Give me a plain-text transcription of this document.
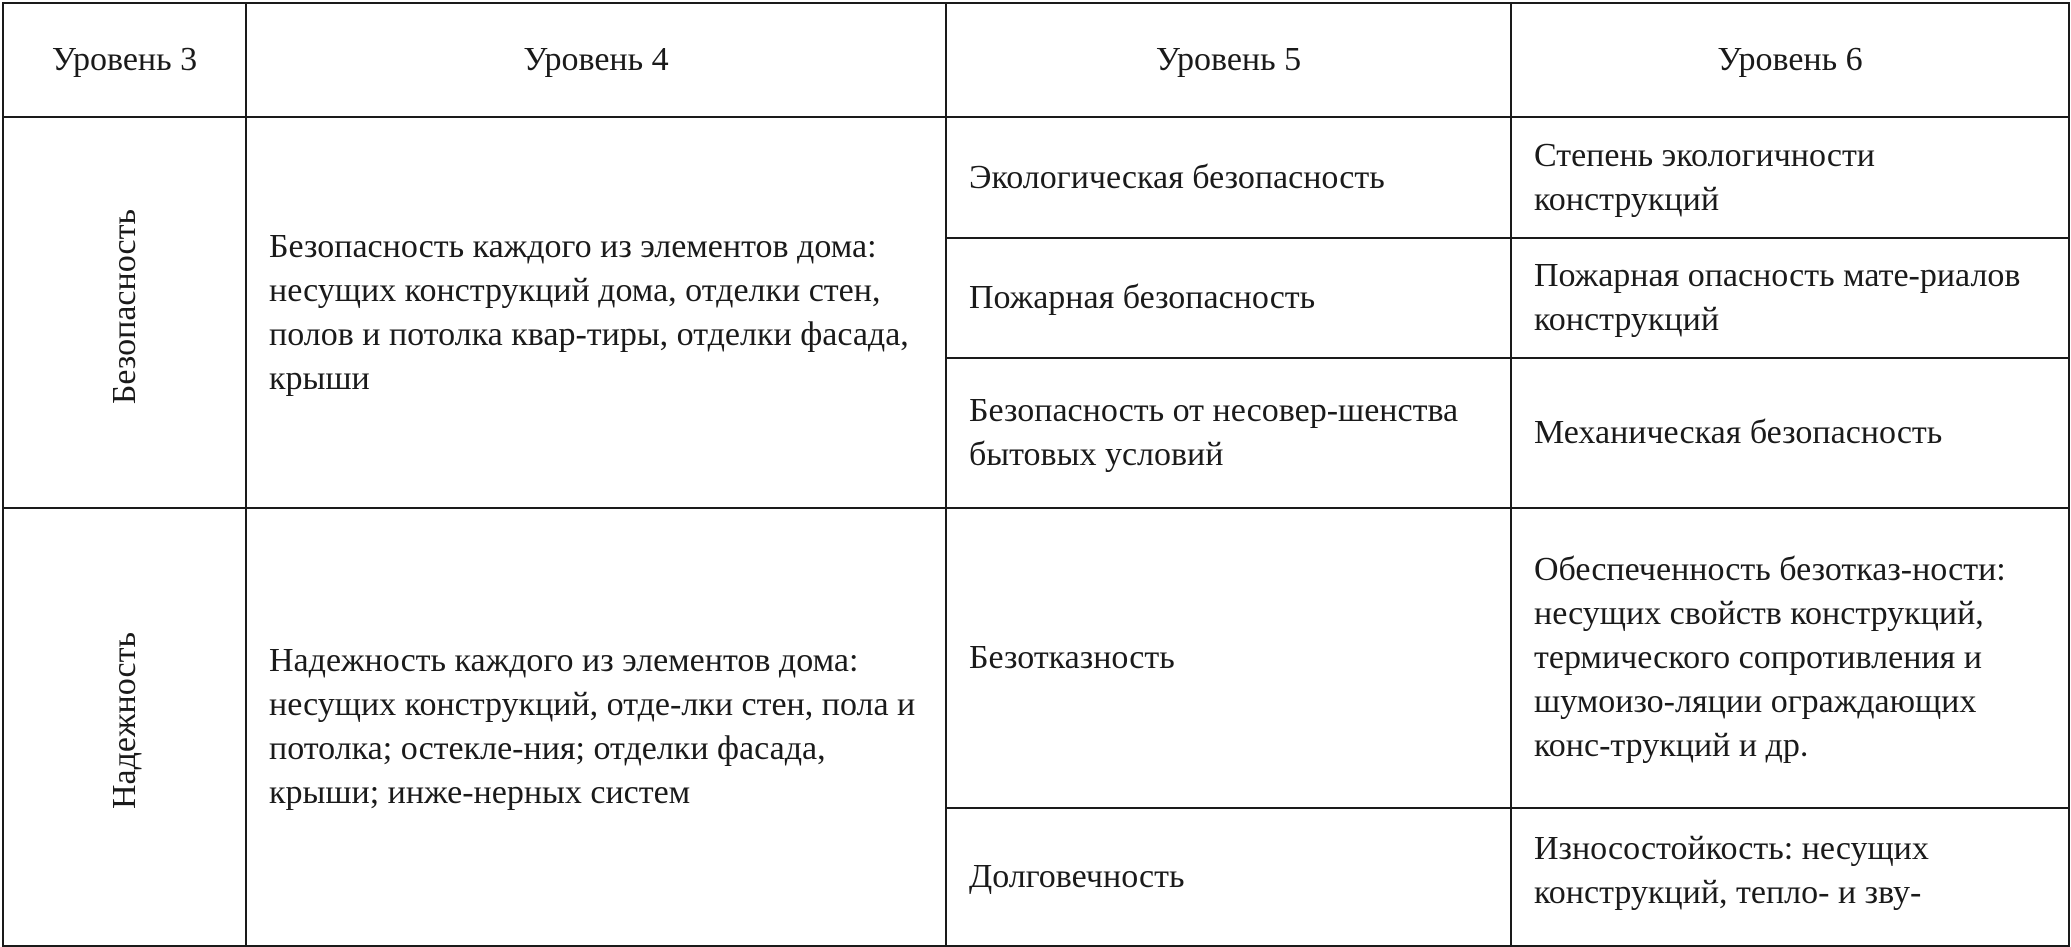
Уровень 3	Уровень 4	Уровень 5	Уровень 6
Безопасность	Безопасность каждого из элементов дома: несущих конструкций дома, отделки стен, полов и потолка квар-тиры, отделки фасада, крыши	Экологическая безопасность	Степень экологичности конструкций
		Пожарная безопасность	Пожарная опасность мате-риалов конструкций
		Безопасность от несовер-шенства бытовых условий	Механическая безопасность
Надежность	Надежность каждого из элементов дома: несущих конструкций, отде-лки стен, пола и потолка; остекле-ния; отделки фасада, крыши; инже-нерных систем	Безотказность	Обеспеченность безотказ-ности: несущих свойств конструкций, термического сопротивления и шумоизо-ляции ограждающих конс-трукций и др.
		Долговечность	Износостойкость: несущих конструкций, тепло- и зву-
